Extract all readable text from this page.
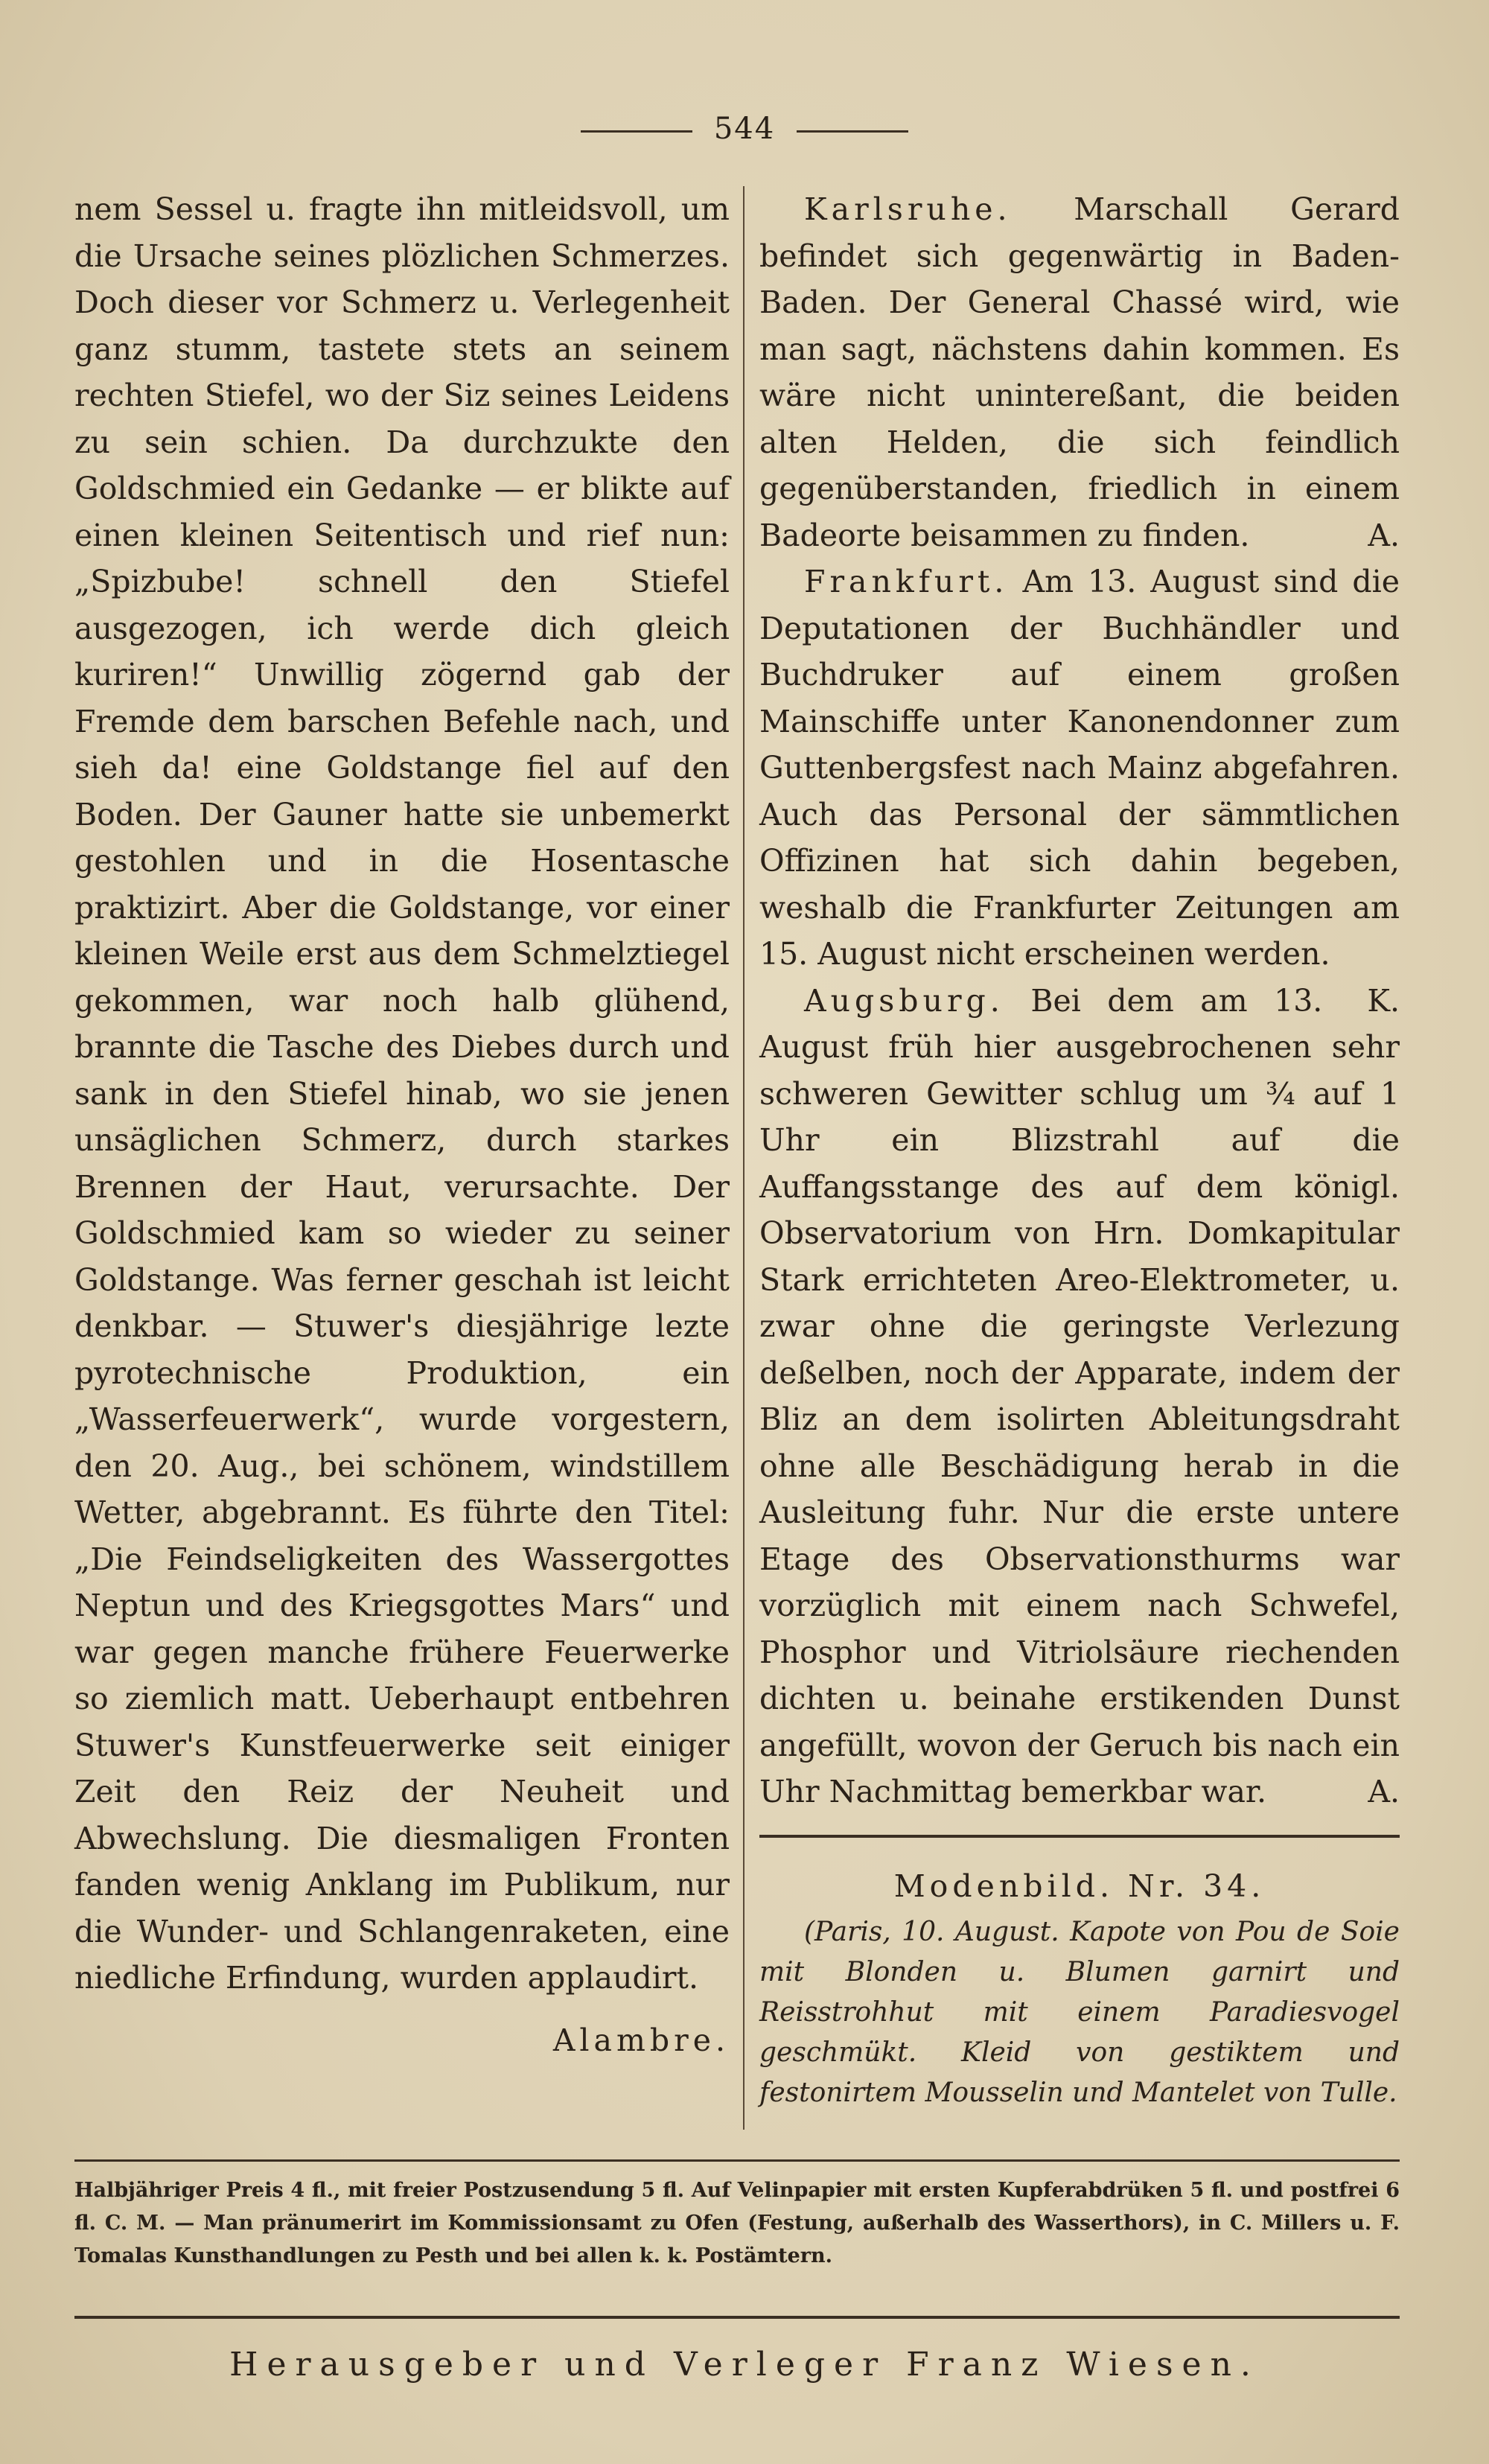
544

nem Sessel u. fragte ihn mitleidsvoll, um die Ursache seines plözlichen Schmerzes. Doch dieser vor Schmerz u. Verlegenheit ganz stumm, tastete stets an seinem rechten Stiefel, wo der Siz seines Leidens zu sein schien. Da durchzukte den Goldschmied ein Gedanke — er blikte auf einen kleinen Seitentisch und rief nun: „Spizbube! schnell den Stiefel ausgezogen, ich werde dich gleich kuriren!“ Unwillig zögernd gab der Fremde dem barschen Befehle nach, und sieh da! eine Goldstange fiel auf den Boden. Der Gauner hatte sie unbemerkt gestohlen und in die Hosentasche praktizirt. Aber die Goldstange, vor einer kleinen Weile erst aus dem Schmelztiegel gekommen, war noch halb glühend, brannte die Tasche des Diebes durch und sank in den Stiefel hinab, wo sie jenen unsäglichen Schmerz, durch starkes Brennen der Haut, verursachte. Der Goldschmied kam so wieder zu seiner Goldstange. Was ferner geschah ist leicht denkbar. — Stuwer's diesjährige lezte pyrotechnische Produktion, ein „Wasserfeuerwerk“, wurde vorgestern, den 20. Aug., bei schönem, windstillem Wetter, abgebrannt. Es führte den Titel: „Die Feindseligkeiten des Wassergottes Neptun und des Kriegsgottes Mars“ und war gegen manche frühere Feuerwerke so ziemlich matt. Ueberhaupt entbehren Stuwer's Kunstfeuerwerke seit einiger Zeit den Reiz der Neuheit und Abwechslung. Die diesmaligen Fronten fanden wenig Anklang im Publikum, nur die Wunder- und Schlangenraketen, eine niedliche Erfindung, wurden applaudirt.

Alambre.

Karlsruhe. Marschall Gerard befindet sich gegenwärtig in Baden-Baden. Der General Chassé wird, wie man sagt, nächstens dahin kommen. Es wäre nicht unintereßant, die beiden alten Helden, die sich feindlich gegenüberstanden, friedlich in einem Badeorte beisammen zu finden.	A.

Frankfurt. Am 13. August sind die Deputationen der Buchhändler und Buchdruker auf einem großen Mainschiffe unter Kanonendonner zum Guttenbergsfest nach Mainz abgefahren. Auch das Personal der sämmtlichen Offizinen hat sich dahin begeben, weshalb die Frankfurter Zeitungen am 15. August nicht erscheinen werden.
K.

Augsburg. Bei dem am 13. August früh hier ausgebrochenen sehr schweren Gewitter schlug um ¾ auf 1 Uhr ein Blizstrahl auf die Auffangsstange des auf dem königl. Observatorium von Hrn. Domkapitular Stark errichteten Areo-Elektrometer, u. zwar ohne die geringste Verlezung deßelben, noch der Apparate, indem der Bliz an dem isolirten Ableitungsdraht ohne alle Beschädigung herab in die Ausleitung fuhr. Nur die erste untere Etage des Observationsthurms war vorzüglich mit einem nach Schwefel, Phosphor und Vitriolsäure riechenden dichten u. beinahe erstikenden Dunst angefüllt, wovon der Geruch bis nach ein Uhr Nachmittag bemerkbar war.	A.

Modenbild. Nr. 34.

(Paris, 10. August. Kapote von Pou de Soie mit Blonden u. Blumen garnirt und Reisstrohhut mit einem Paradiesvogel geschmükt. Kleid von gestiktem und festonirtem Mousselin und Mantelet von Tulle.

Halbjähriger Preis 4 fl., mit freier Postzusendung 5 fl. Auf Velinpapier mit ersten Kupferabdrüken 5 fl. und postfrei 6 fl. C. M. — Man pränumerirt im Kommissionsamt zu Ofen (Festung, außerhalb des Wasserthors), in C. Millers u. F. Tomalas Kunsthandlungen zu Pesth und bei allen k. k. Postämtern.
Herausgeber und Verleger Franz Wiesen.
